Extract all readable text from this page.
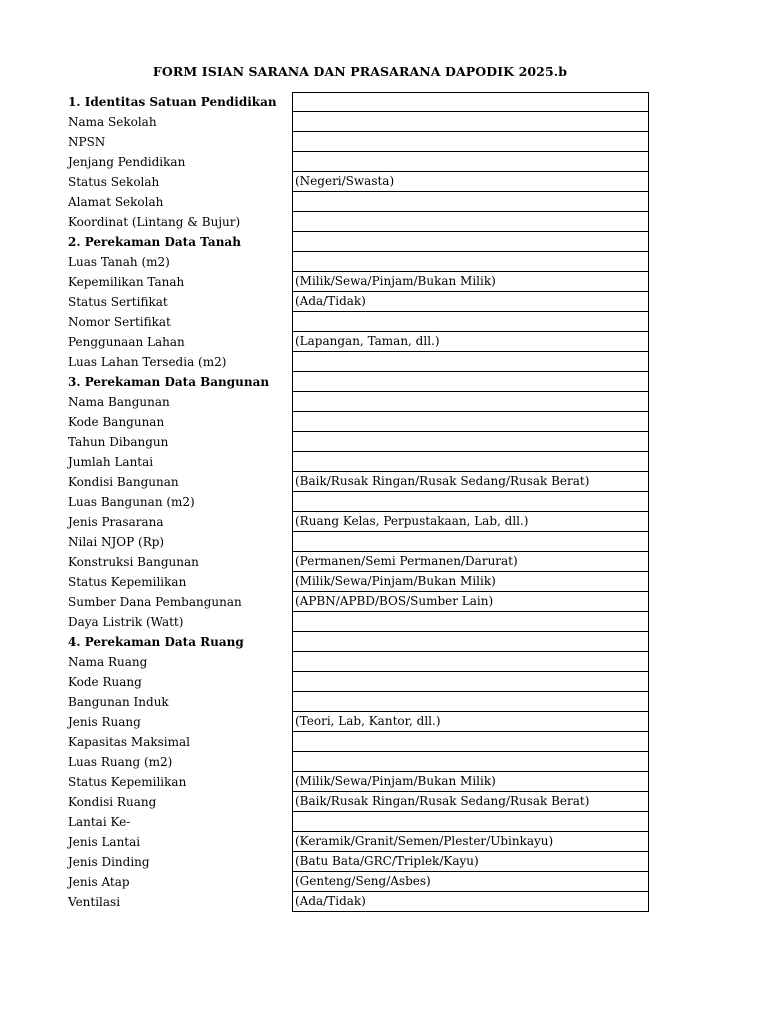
FORM ISIAN SARANA DAN PRASARANA DAPODIK 2025.b
1. Identitas Satuan Pendidikan
Nama Sekolah
NPSN
Jenjang Pendidikan
Status Sekolah	(Negeri/Swasta)
Alamat Sekolah
Koordinat (Lintang & Bujur)
2. Perekaman Data Tanah
Luas Tanah (m2)
Kepemilikan Tanah	(Milik/Sewa/Pinjam/Bukan Milik)
Status Sertifikat	(Ada/Tidak)
Nomor Sertifikat
Penggunaan Lahan	(Lapangan, Taman, dll.)
Luas Lahan Tersedia (m2)
3. Perekaman Data Bangunan
Nama Bangunan
Kode Bangunan
Tahun Dibangun
Jumlah Lantai
Kondisi Bangunan	(Baik/Rusak Ringan/Rusak Sedang/Rusak Berat)
Luas Bangunan (m2)
Jenis Prasarana	(Ruang Kelas, Perpustakaan, Lab, dll.)
Nilai NJOP (Rp)
Konstruksi Bangunan	(Permanen/Semi Permanen/Darurat)
Status Kepemilikan	(Milik/Sewa/Pinjam/Bukan Milik)
Sumber Dana Pembangunan	(APBN/APBD/BOS/Sumber Lain)
Daya Listrik (Watt)
4. Perekaman Data Ruang
Nama Ruang
Kode Ruang
Bangunan Induk
Jenis Ruang	(Teori, Lab, Kantor, dll.)
Kapasitas Maksimal
Luas Ruang (m2)
Status Kepemilikan	(Milik/Sewa/Pinjam/Bukan Milik)
Kondisi Ruang	(Baik/Rusak Ringan/Rusak Sedang/Rusak Berat)
Lantai Ke-
Jenis Lantai	(Keramik/Granit/Semen/Plester/Ubinkayu)
Jenis Dinding	(Batu Bata/GRC/Triplek/Kayu)
Jenis Atap	(Genteng/Seng/Asbes)
Ventilasi	(Ada/Tidak)
